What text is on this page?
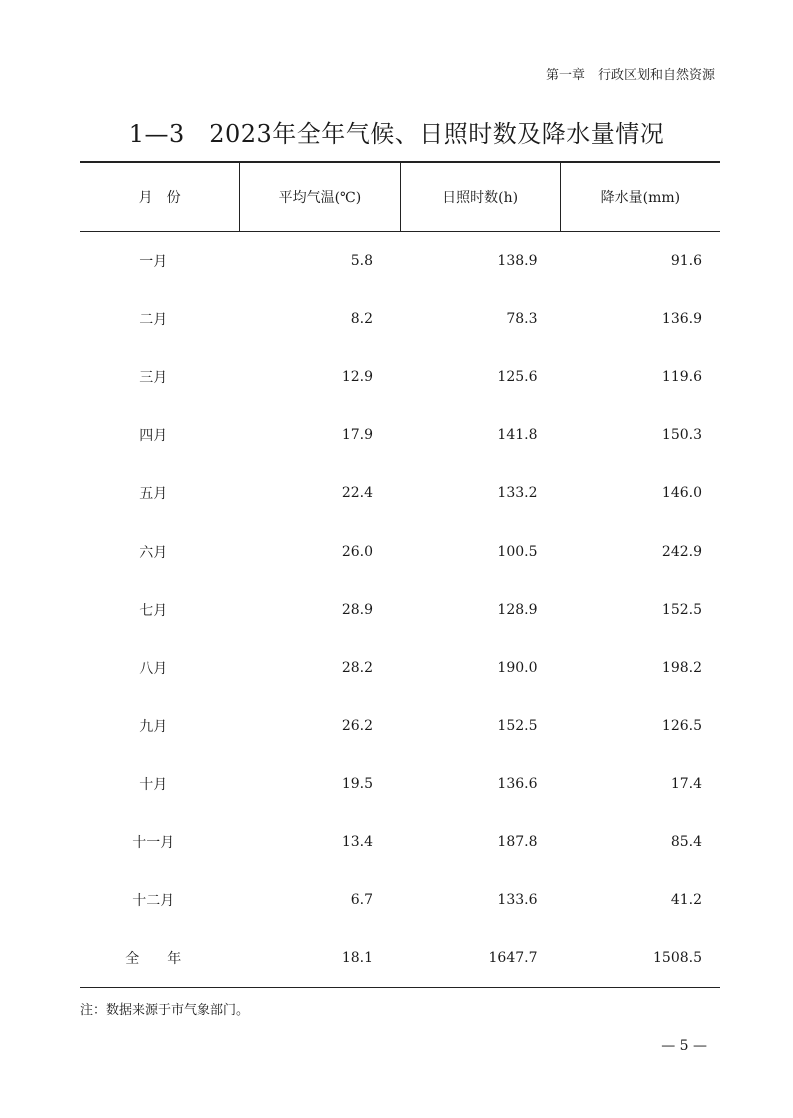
第一章　行政区划和自然资源
1—3　2023年全年气候、日照时数及降水量情况
月　份	平均气温(℃)	日照时数(h)	降水量(mm)
一月	5.8	138.9	91.6
二月	8.2	78.3	136.9
三月	12.9	125.6	119.6
四月	17.9	141.8	150.3
五月	22.4	133.2	146.0
六月	26.0	100.5	242.9
七月	28.9	128.9	152.5
八月	28.2	190.0	198.2
九月	26.2	152.5	126.5
十月	19.5	136.6	17.4
十一月	13.4	187.8	85.4
十二月	6.7	133.6	41.2
全　　年	18.1	1647.7	1508.5
注：数据来源于市气象部门。
— 5 —
